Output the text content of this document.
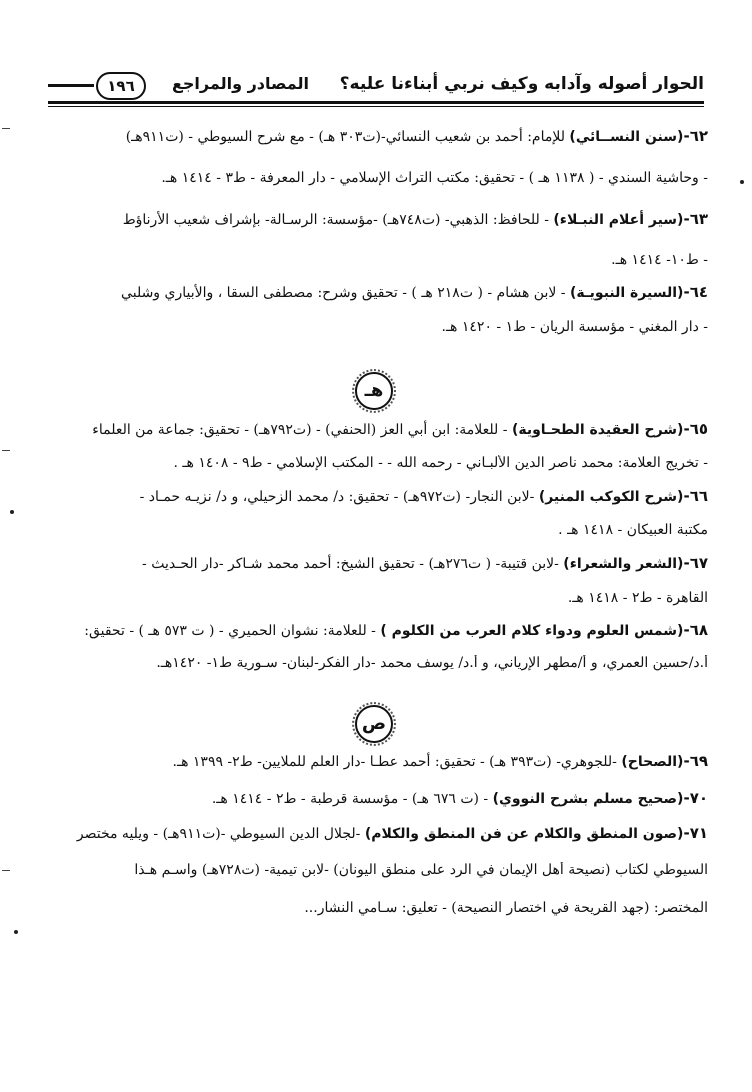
الحوار أصوله وآدابه وكيف نربي أبناءنا عليه؟
المصادر والمراجع
١٩٦
٦٢-(سنن النســائي) للإمام: أحمد بن شعيب النسائي-(ت٣٠٣ هـ) - مع شرح السيوطي - (ت٩١١هـ)
- وحاشية السندي - ( ١١٣٨ هـ ) - تحقيق: مكتب التراث الإسلامي - دار المعرفة - ط٣ - ١٤١٤ هـ.
٦٣-(سير أعلام النبـلاء) - للحافظ: الذهبي- (ت٧٤٨هـ) -مؤسسة: الرسـالة- بإشراف شعيب الأرناؤط
- ط١٠- ١٤١٤ هـ.
٦٤-(السيرة النبويـة) - لابن هشام - ( ت٢١٨ هـ ) - تحقيق وشرح: مصطفى السقا ، والأبياري وشلبي
- دار المغني - مؤسسة الريان - ط١ - ١٤٢٠ هـ.
هـ
٦٥-(شرح العقيدة الطحـاوية) - للعلامة: ابن أبي العز (الحنفي) - (ت٧٩٢هـ) - تحقيق: جماعة من العلماء
- تخريج العلامة: محمد ناصر الدين الألبـاني - رحمه الله - - المكتب الإسلامي - ط٩ - ١٤٠٨ هـ .
٦٦-(شرح الكوكب المنير) -لابن النجار- (ت٩٧٢هـ) - تحقيق: د/ محمد الزحيلي، و د/ نزيـه حمـاد -
مكتبة العبيكان - ١٤١٨ هـ .
٦٧-(الشعر والشعراء) -لابن قتيبة- ( ت٢٧٦هـ) - تحقيق الشيخ: أحمد محمد شـاكر -دار الحـديث -
القاهرة - ط٢ - ١٤١٨ هـ.
٦٨-(شمس العلوم ودواء كلام العرب من الكلوم ) - للعلامة: نشوان الحميري - ( ت ٥٧٣ هـ ) - تحقيق:
أ.د/حسين العمري، و أ/مطهر الإرياني، و أ.د/ يوسف محمد -دار الفكر-لبنان- سـورية ط١- ١٤٢٠هـ.
ص
٦٩-(الصحاح) -للجوهري- (ت٣٩٣ هـ) - تحقيق: أحمد عطـا -دار العلم للملايين- ط٢- ١٣٩٩ هـ.
٧٠-(صحيح مسلم بشرح النووي) - (ت ٦٧٦ هـ) - مؤسسة قرطبة - ط٢ - ١٤١٤ هـ.
٧١-(صون المنطق والكلام عن فن المنطق والكلام) -لجلال الدين السيوطي -(ت٩١١هـ) - ويليه مختصر
السيوطي لكتاب (نصيحة أهل الإيمان في الرد على منطق اليونان) -لابن تيمية- (ت٧٢٨هـ) واسـم هـذا
المختصر: (جهد القريحة في اختصار النصيحة) - تعليق: سـامي النشار...
